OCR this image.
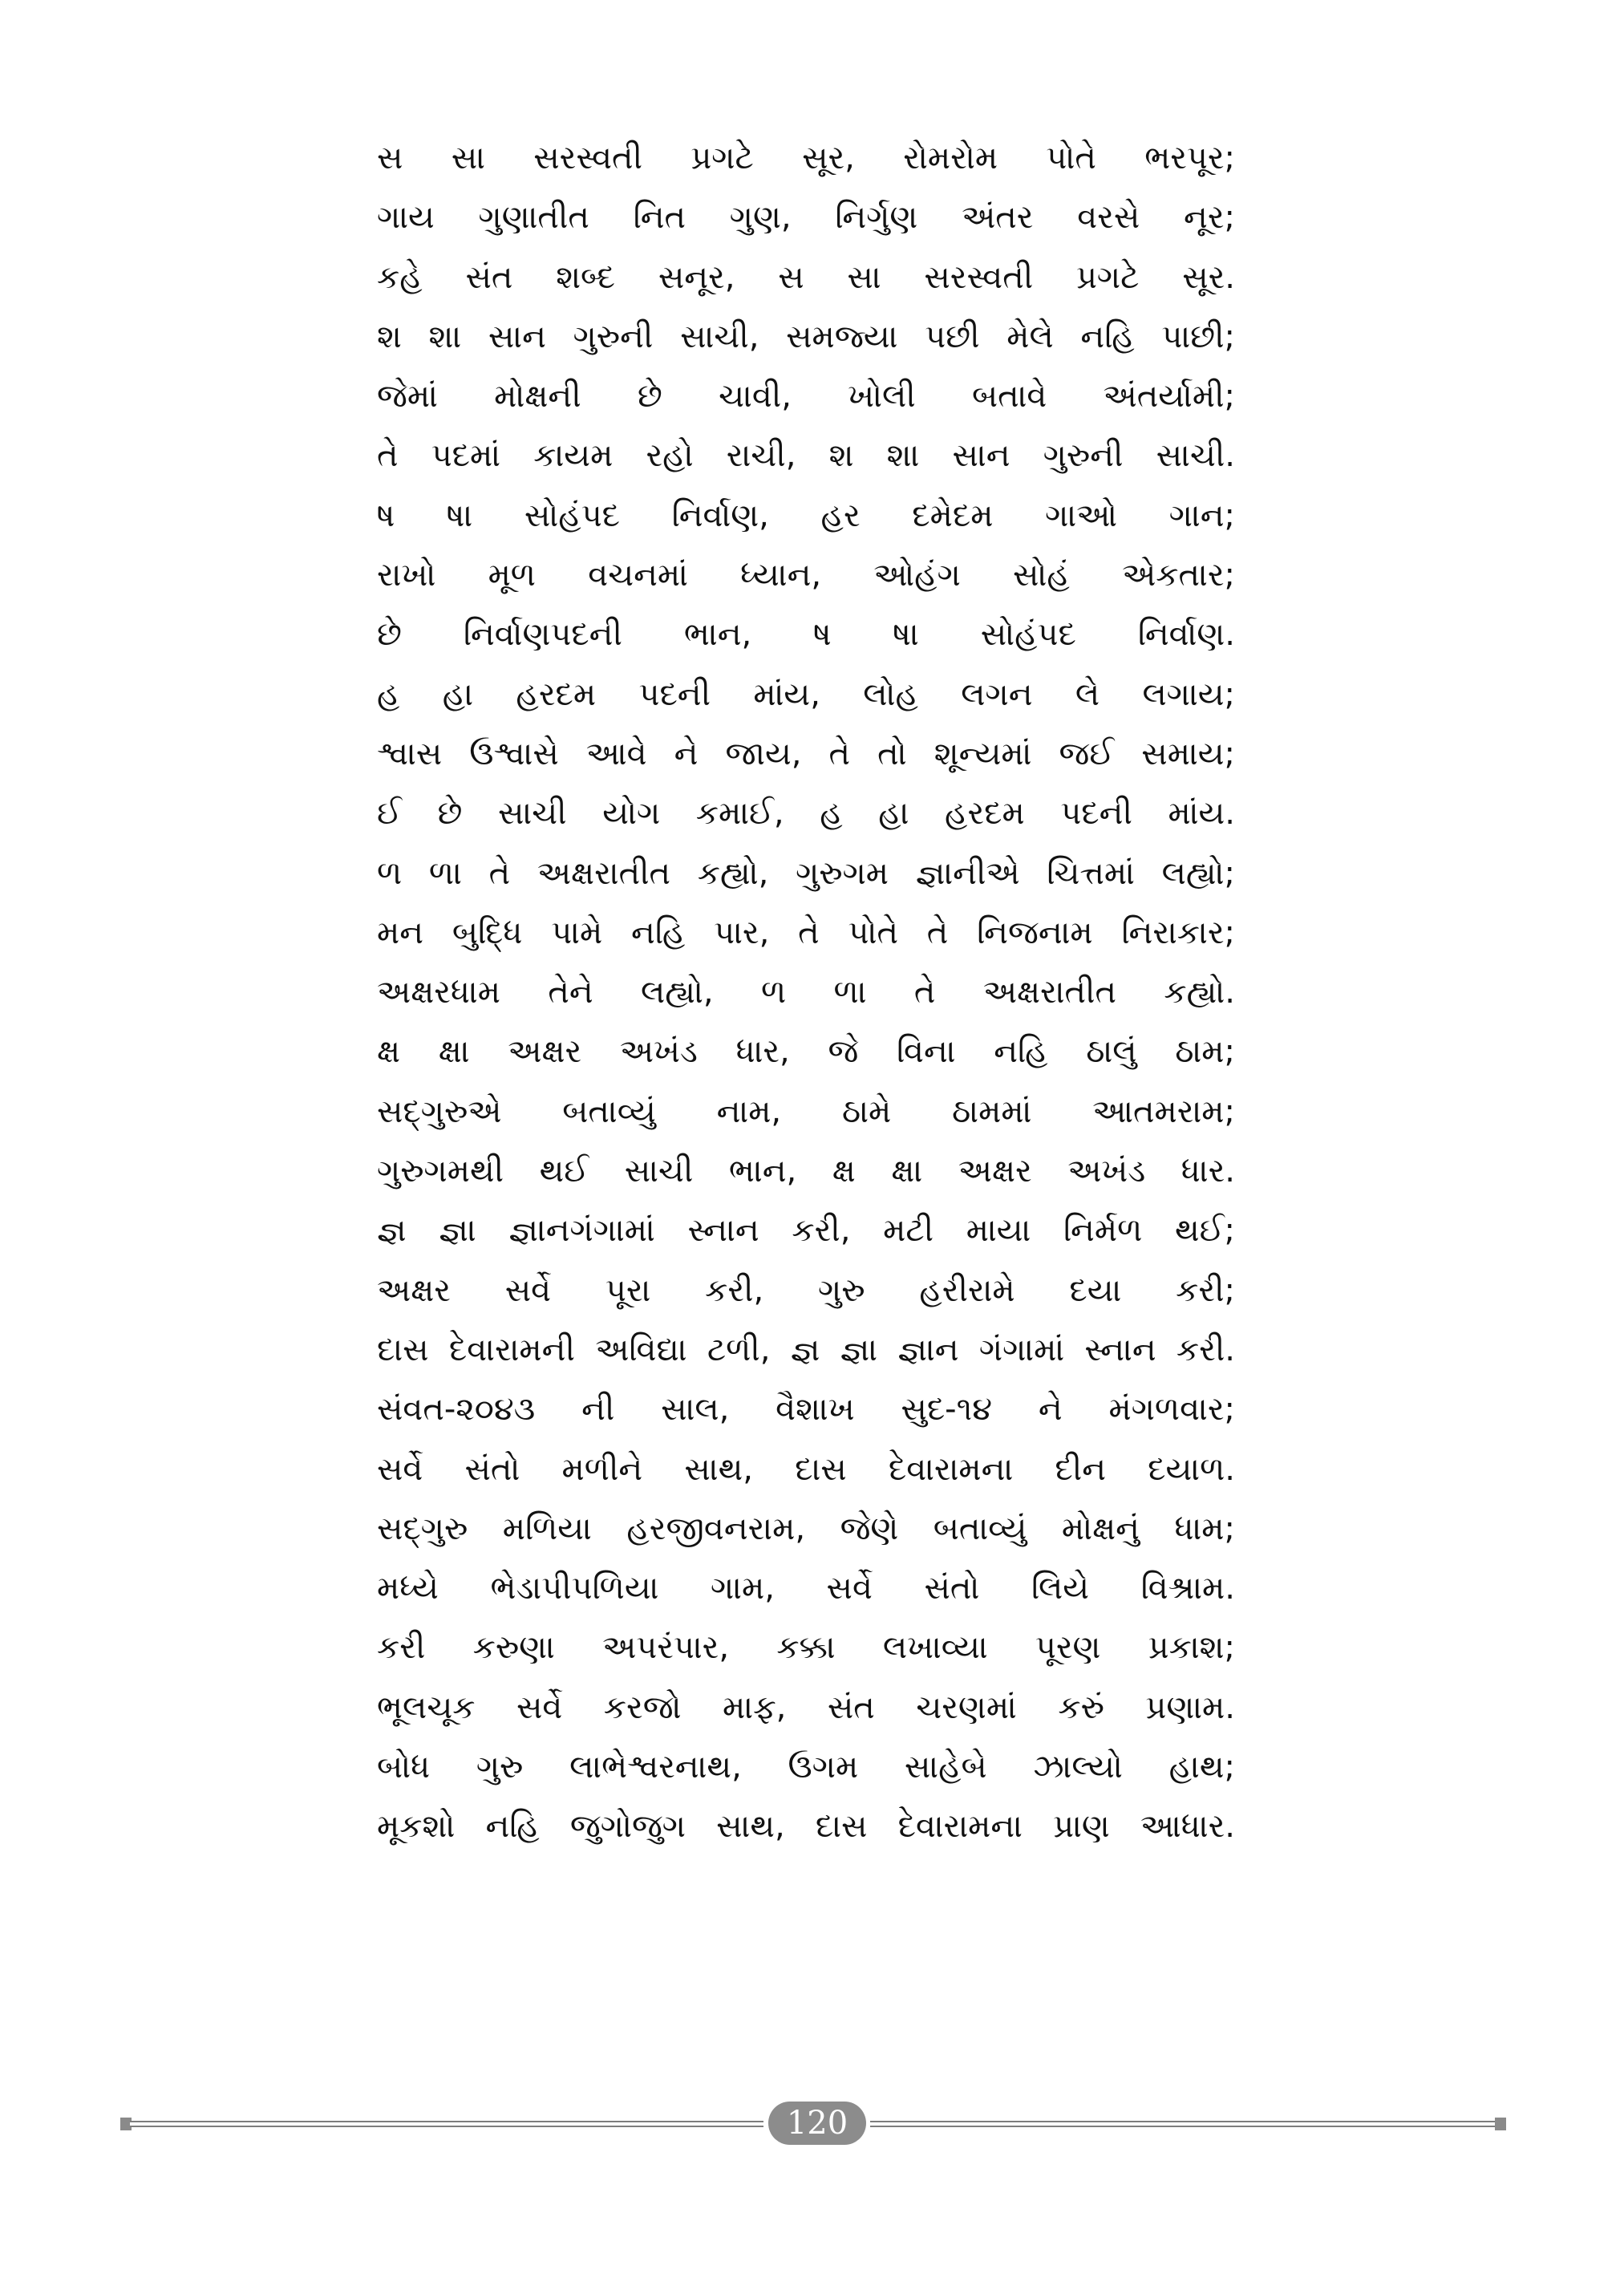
સ સા સરસ્વતી પ્રગટે સૂર, રોમરોમ પોતે ભરપૂર;
ગાય ગુણાતીત નિત ગુણ, નિર્ગુણ અંતર વરસે નૂર;
કહે સંત શબ્દ સનૂર, સ સા સરસ્વતી પ્રગટે સૂર.
શ શા સાન ગુરુની સાચી, સમજ્યા પછી મેલે નહિ પાછી;
જેમાં મોક્ષની છે ચાવી, ખોલી બતાવે અંતર્યામી;
તે પદમાં કાયમ રહો રાચી, શ શા સાન ગુરુની સાચી.
ષ ષા સોહંપદ નિર્વાણ, હર દમેદમ ગાઓ ગાન;
રાખો મૂળ વચનમાં ધ્યાન, ઓહંગ સોહં એકતાર;
છે નિર્વાણપદની ભાન, ષ ષા સોહંપદ નિર્વાણ.
હ હા હરદમ પદની માંય, લોહ લગન લે લગાય;
શ્વાસ ઉશ્વાસે આવે ને જાય, તે તો શૂન્યમાં જઈ સમાય;
ઈ છે સાચી યોગ કમાઈ, હ હા હરદમ પદની માંય.
ળ ળા તે અક્ષરાતીત કહ્યો, ગુરુગમ જ્ઞાનીએ ચિત્તમાં લહ્યો;
મન બુદ્ધિ પામે નહિ પાર, તે પોતે તે નિજનામ નિરાકાર;
અક્ષરધામ તેને લહ્યો, ળ ળા તે અક્ષરાતીત કહ્યો.
ક્ષ ક્ષા અક્ષર અખંડ ધાર, જે વિના નહિ ઠાલું ઠામ;
સદ્ગુરુએ બતાવ્યું નામ, ઠામે ઠામમાં આતમરામ;
ગુરુગમથી થઈ સાચી ભાન, ક્ષ ક્ષા અક્ષર અખંડ ધાર.
જ્ઞ જ્ઞા જ્ઞાનગંગામાં સ્નાન કરી, મટી માયા નિર્મળ થઈ;
અક્ષર સર્વે પૂરા કરી, ગુરુ હરીરામે દયા કરી;
દાસ દેવારામની અવિદ્યા ટળી, જ્ઞ જ્ઞા જ્ઞાન ગંગામાં સ્નાન કરી.
સંવત-૨૦૪૩ ની સાલ, વૈશાખ સુદ-૧૪ ને મંગળવાર;
સર્વે સંતો મળીને સાથ, દાસ દેવારામના દીન દયાળ.
સદ્ગુરુ મળિયા હરજીવનરામ, જેણે બતાવ્યું મોક્ષનું ધામ;
મધ્યે ભેડાપીપળિયા ગામ, સર્વે સંતો લિયે વિશ્રામ.
કરી કરુણા અપરંપાર, કક્કા લખાવ્યા પૂરણ પ્રકાશ;
ભૂલચૂક સર્વે કરજો માફ, સંત ચરણમાં કરું પ્રણામ.
બોધ ગુરુ લાભેશ્વરનાથ, ઉગમ સાહેબે ઝાલ્યો હાથ;
મૂકશો નહિ જુગોજુગ સાથ, દાસ દેવારામના પ્રાણ આધાર.
120
